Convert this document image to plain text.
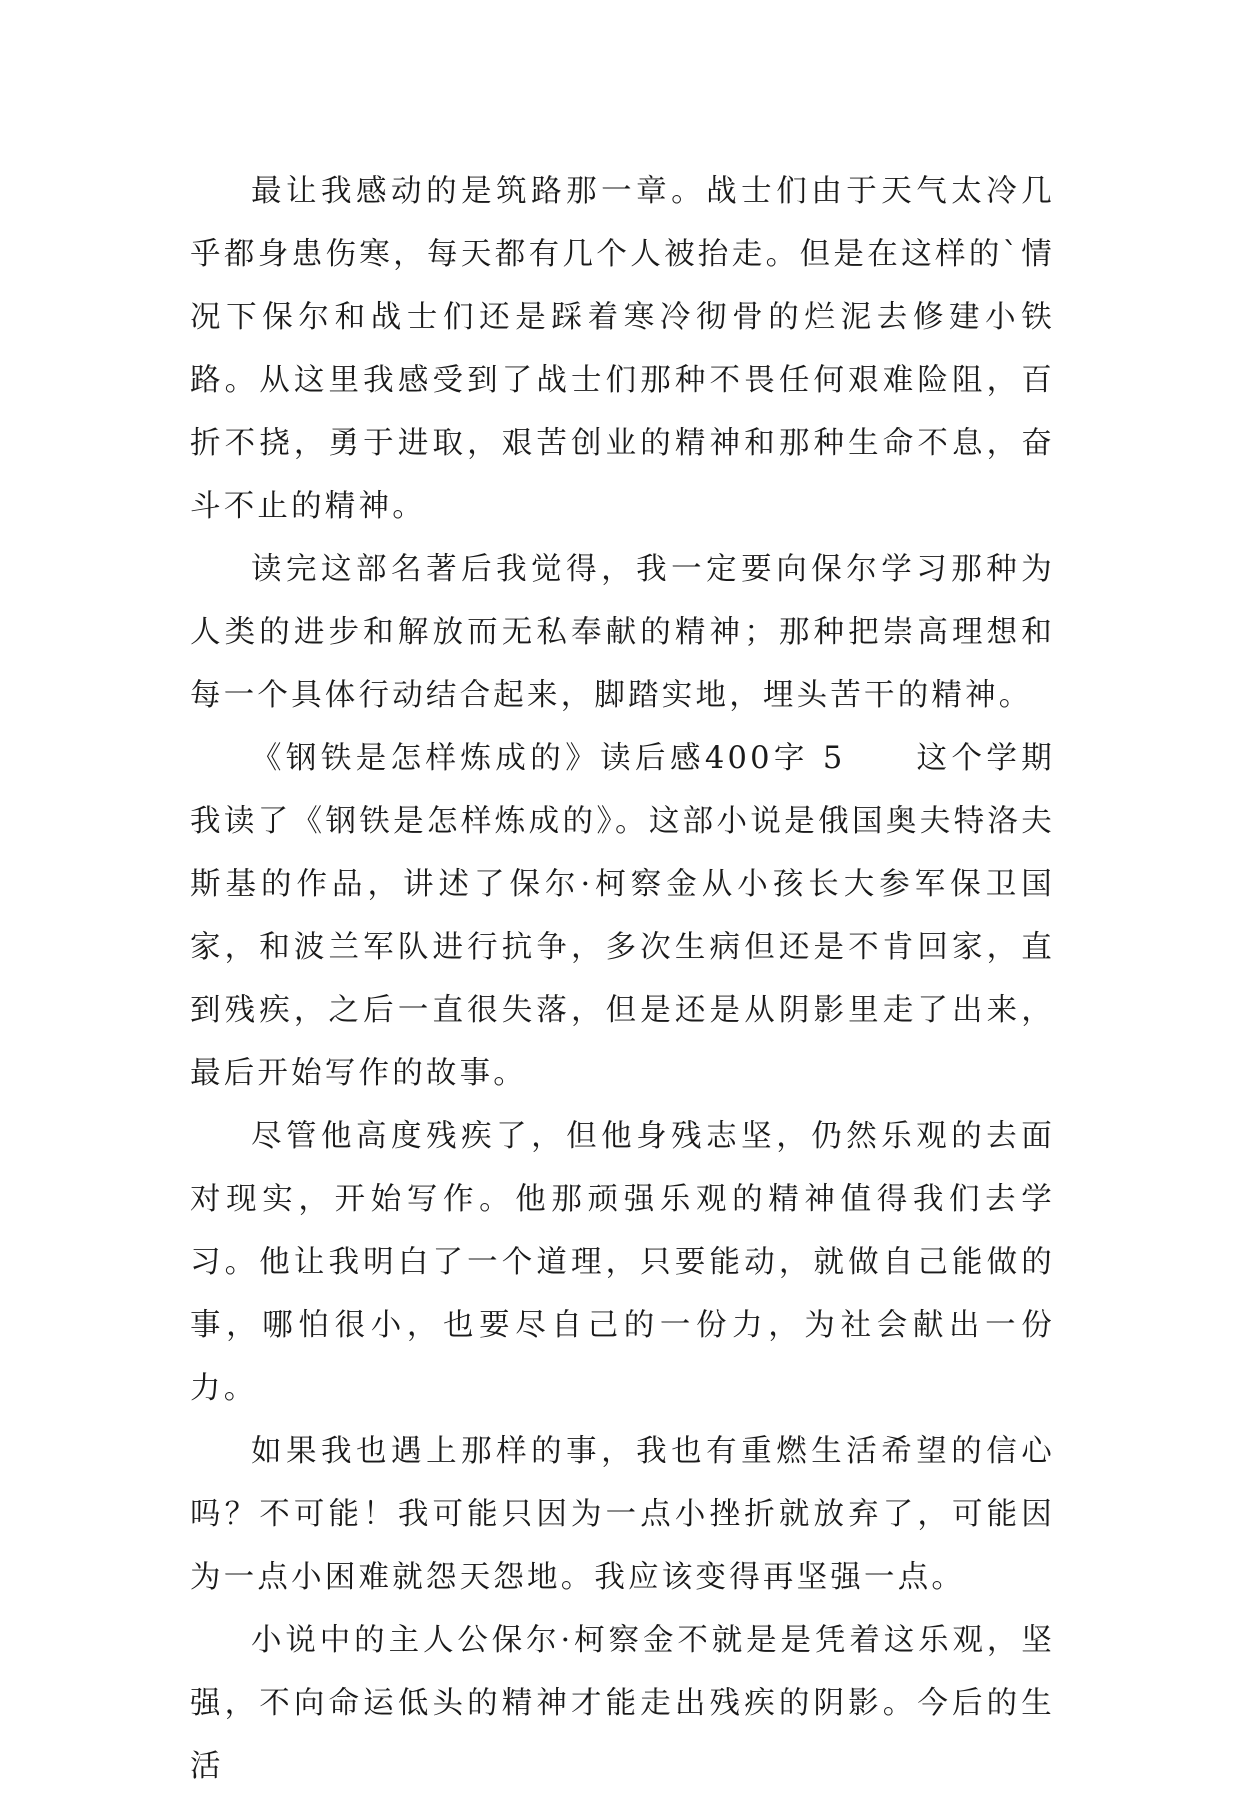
最让我感动的是筑路那一章。战士们由于天气太冷几乎都身患伤寒，每天都有几个人被抬走。但是在这样的`情况下保尔和战士们还是踩着寒冷彻骨的烂泥去修建小铁路。从这里我感受到了战士们那种不畏任何艰难险阻，百折不挠，勇于进取，艰苦创业的精神和那种生命不息，奋斗不止的精神。

读完这部名著后我觉得，我一定要向保尔学习那种为人类的进步和解放而无私奉献的精神；那种把崇高理想和每一个具体行动结合起来，脚踏实地，埋头苦干的精神。

《钢铁是怎样炼成的》读后感400字 5　　这个学期我读了《钢铁是怎样炼成的》。这部小说是俄国奥夫特洛夫斯基的作品，讲述了保尔·柯察金从小孩长大参军保卫国家，和波兰军队进行抗争，多次生病但还是不肯回家，直到残疾，之后一直很失落，但是还是从阴影里走了出来，最后开始写作的故事。

尽管他高度残疾了，但他身残志坚，仍然乐观的去面对现实，开始写作。他那顽强乐观的精神值得我们去学习。他让我明白了一个道理，只要能动，就做自己能做的事，哪怕很小，也要尽自己的一份力，为社会献出一份力。

如果我也遇上那样的事，我也有重燃生活希望的信心吗？不可能！我可能只因为一点小挫折就放弃了，可能因为一点小困难就怨天怨地。我应该变得再坚强一点。

小说中的主人公保尔·柯察金不就是是凭着这乐观，坚强，不向命运低头的精神才能走出残疾的阴影。今后的生活
